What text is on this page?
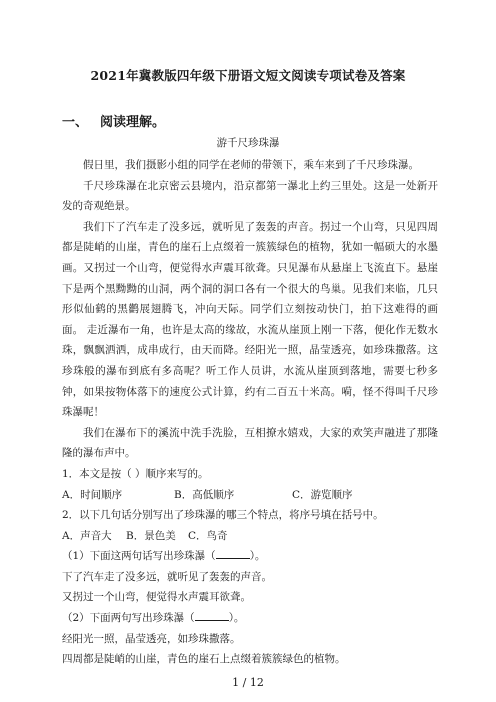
2021年冀教版四年级下册语文短文阅读专项试卷及答案
一、 阅读理解。
游千尺珍珠瀑

假日里，我们摄影小组的同学在老师的带领下，乘车来到了千尺珍珠瀑。

千尺珍珠瀑在北京密云县境内，沿京都第一瀑北上约三里处。这是一处新开发的奇观绝景。

我们下了汽车走了没多远，就听见了轰轰的声音。拐过一个山弯，只见四周都是陡峭的山崖，青色的崖石上点缀着一簇簇绿色的植物，犹如一幅硕大的水墨画。又拐过一个山弯，便觉得水声震耳欲聋。只见瀑布从悬崖上飞流直下。悬崖下是两个黑黝黝的山洞，两个洞的洞口各有一个很大的鸟巢。见我们来临，几只形似仙鹤的黑鹳展翅腾飞，冲向天际。同学们立刻按动快门，拍下这难得的画面。 走近瀑布一角，也许是太高的缘故，水流从崖顶上刚一下落，便化作无数水珠，飘飘洒洒，成串成行，由天而降。经阳光一照，晶莹透亮，如珍珠撒落。这珍珠般的瀑布到底有多高呢？听工作人员讲，水流从崖顶到落地，需要七秒多钟，如果按物体落下的速度公式计算，约有二百五十米高。嗬，怪不得叫千尺珍珠瀑呢！

我们在瀑布下的溪流中洗手洗脸，互相撩水嬉戏，大家的欢笑声融进了那隆隆的瀑布声中。

1．本文是按（ ）顺序来写的。

A．时间顺序	B．高低顺序	C．游览顺序

2．以下几句话分别写出了珍珠瀑的哪三个特点，将序号填在括号中。

A．声音大	B．景色美	C．鸟奇

（1）下面这两句话写出珍珠瀑（	）。

下了汽车走了没多远，就听见了轰轰的声音。

又拐过一个山弯，便觉得水声震耳欲聋。

（2）下面两句写出珍珠瀑（	）。

经阳光一照，晶莹透亮，如珍珠撒落。

四周都是陡峭的山崖，青色的崖石上点缀着簇簇绿色的植物。

1 / 12
